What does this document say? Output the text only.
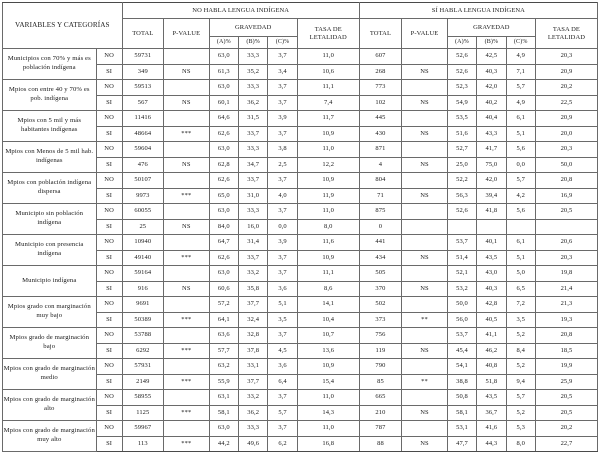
VARIABLES Y CATEGORÍAS		NO HABLA LENGUA INDÍGENA						SÍ HABLA LENGUA INDÍGENA					
		TOTAL	P-VALUE	GRAVEDAD			TASA DE LETALIDAD	TOTAL	P-VALUE	GRAVEDAD			TASA DE LETALIDAD
				(A)%	(B)%	(C)%				(A)%	(B)%	(C)%	
Municipios con 70% y más es población indígena	NO	59731		63,0	33,3	3,7	11,0	607		52,6	42,5	4,9	20,3
	SI	349	NS	61,3	35,2	3,4	10,6	268	NS	52,6	40,3	7,1	20,9
Mpios con entre 40 y 70% es pob. indígena	NO	59513		63,0	33,3	3,7	11,1	773		52,3	42,0	5,7	20,2
	SI	567	NS	60,1	36,2	3,7	7,4	102	NS	54,9	40,2	4,9	22,5
Mpios con 5 mil y más habitantes indígenas	NO	11416		64,6	31,5	3,9	11,7	445		53,5	40,4	6,1	20,9
	SI	48664	***	62,6	33,7	3,7	10,9	430	NS	51,6	43,3	5,1	20,0
Mpios con Menos de 5 mil hab. indígenas	NO	59604		63,0	33,3	3,8	11,0	871		52,7	41,7	5,6	20,3
	SI	476	NS	62,8	34,7	2,5	12,2	4	NS	25,0	75,0	0,0	50,0
Mpios con población indígena dispersa	NO	50107		62,6	33,7	3,7	10,9	804		52,2	42,0	5,7	20,8
	SI	9973	***	65,0	31,0	4,0	11,9	71	NS	56,3	39,4	4,2	16,9
Municipio sin población indígena	NO	60055		63,0	33,3	3,7	11,0	875		52,6	41,8	5,6	20,5
	SI	25	NS	84,0	16,0	0,0	8,0	0					
Municipio con presencia indígena	NO	10940		64,7	31,4	3,9	11,6	441		53,7	40,1	6,1	20,6
	SI	49140	***	62,6	33,7	3,7	10,9	434	NS	51,4	43,5	5,1	20,3
Municipio indígena	NO	59164		63,0	33,2	3,7	11,1	505		52,1	43,0	5,0	19,8
	SI	916	NS	60,6	35,8	3,6	8,6	370	NS	53,2	40,3	6,5	21,4
Mpios grado con marginación muy bajo	NO	9691		57,2	37,7	5,1	14,1	502		50,0	42,8	7,2	21,3
	SI	50389	***	64,1	32,4	3,5	10,4	373	**	56,0	40,5	3,5	19,3
Mpios grado de marginación bajo	NO	53788		63,6	32,8	3,7	10,7	756		53,7	41,1	5,2	20,8
	SI	6292	***	57,7	37,8	4,5	13,6	119	NS	45,4	46,2	8,4	18,5
Mpios con grado de marginación medio	NO	57931		63,2	33,1	3,6	10,9	790		54,1	40,8	5,2	19,9
	SI	2149	***	55,9	37,7	6,4	15,4	85	**	38,8	51,8	9,4	25,9
Mpios con grado de marginación alto	NO	58955		63,1	33,2	3,7	11,0	665		50,8	43,5	5,7	20,5
	SI	1125	***	58,1	36,2	5,7	14,3	210	NS	58,1	36,7	5,2	20,5
Mpios con grado de marginación muy alto	NO	59967		63,0	33,3	3,7	11,0	787		53,1	41,6	5,3	20,2
	SI	113	***	44,2	49,6	6,2	16,8	88	NS	47,7	44,3	8,0	22,7
